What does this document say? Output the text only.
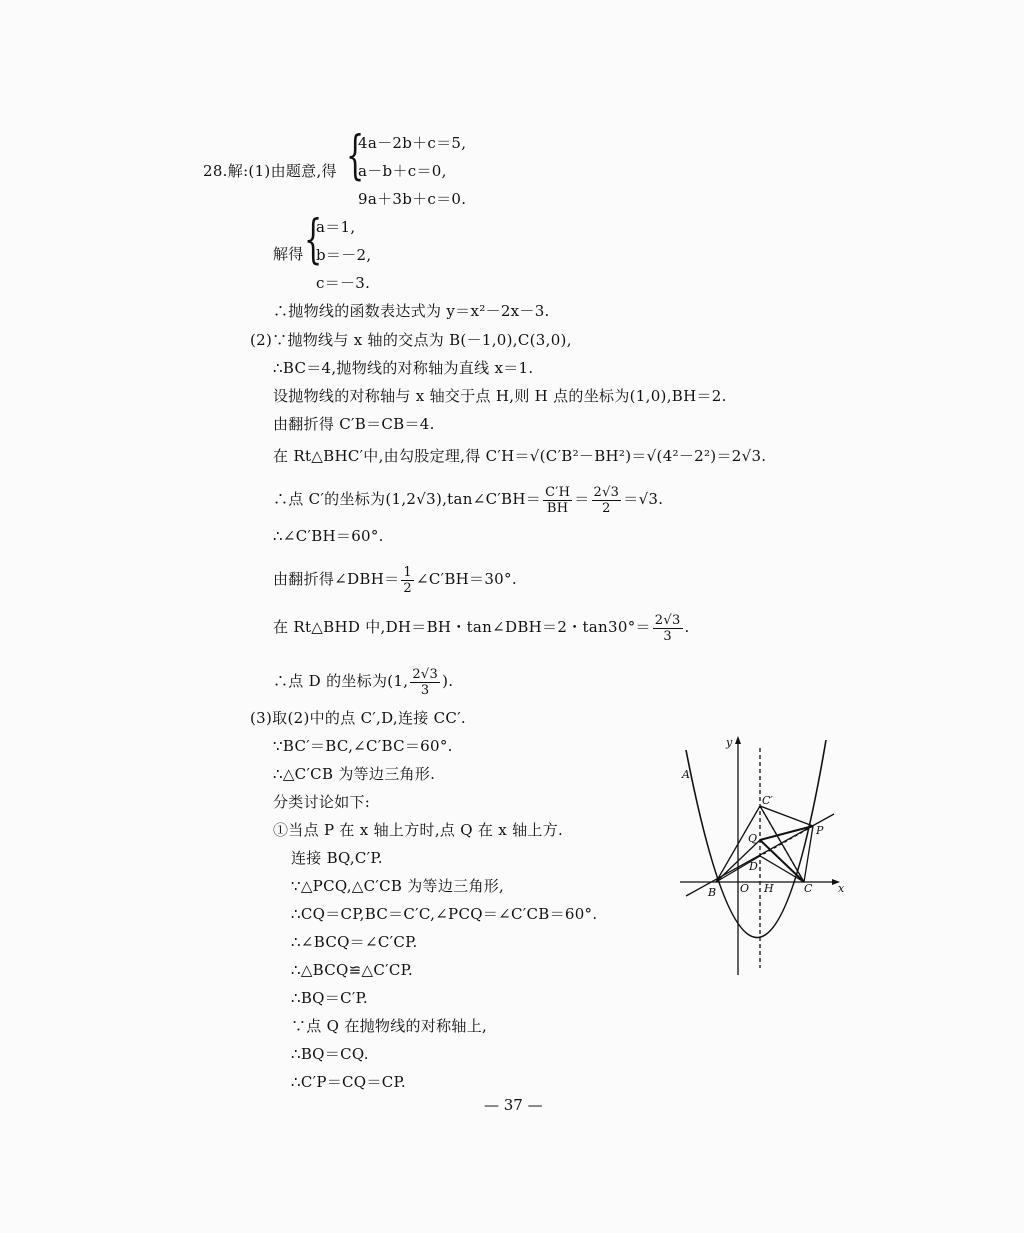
28.解:(1)由题意,得 {
4a－2b＋c＝5,
a－b＋c＝0,
9a＋3b＋c＝0.
解得 {
a＝1,
b＝－2,
c＝－3.
∴抛物线的函数表达式为 y＝x²－2x－3.
(2)∵抛物线与 x 轴的交点为 B(－1,0),C(3,0),
∴BC＝4,抛物线的对称轴为直线 x＝1.
设抛物线的对称轴与 x 轴交于点 H,则 H 点的坐标为(1,0),BH＝2.
由翻折得 C′B＝CB＝4.
在 Rt△BHC′中,由勾股定理,得 C′H＝√(C′B²－BH²)＝√(4²－2²)＝2√3.
∴点 C′的坐标为(1,2√3),tan∠C′BH＝ $\frac{C'H}{BH} = \frac{2√3}{2} =√3$.
∴∠C′BH＝60°.
由翻折得∠DBH＝ $\frac{1}{2}$ ∠C′BH＝30°.
在 Rt△BHD 中,DH＝BH・tan∠DBH＝2・$\tan 30^\circ= \frac{2√3}{3}$ .
∴点 D 的坐标为(1, $\frac{2√3}{3}$ ).
(3)取(2)中的点 C′,D,连接 CC′.
∵BC′＝BC,∠C′BC＝60°.
∴△C′CB 为等边三角形.
分类讨论如下:
①当点 P 在 x 轴上方时,点 Q 在 x 轴上方.
连接 BQ,C′P.
∵△PCQ,△C′CB 为等边三角形,
∴CQ＝CP,BC＝C′C,∠PCQ＝∠C′CB＝60°.
∴∠BCQ＝∠C′CP.
∴△BCQ≌△C′CP.
∴BQ＝C′P.
∵点 Q 在抛物线的对称轴上,
∴BQ＝CQ.
∴C′P＝CQ＝CP.
y
x
A
B O H	C
C′
Q
D
P
— 37 —
